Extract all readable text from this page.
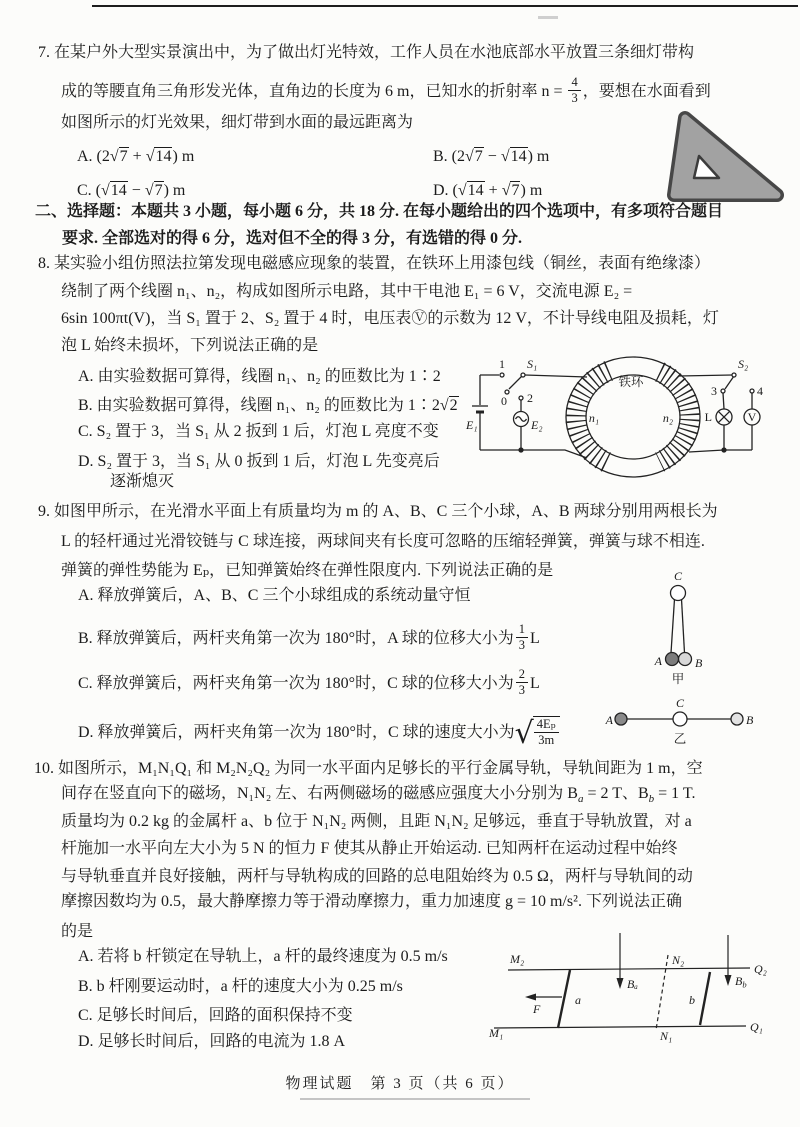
7. 在某户外大型实景演出中，为了做出灯光特效，工作人员在水池底部水平放置三条细灯带构
成的等腰直角三角形发光体，直角边的长度为 6 m，已知水的折射率 $n = \frac{4}{3}$ ，要想在水面看到
如图所示的灯光效果，细灯带到水面的最远距离为
A. (2√7 + √14) m	B. (2√7 − √14) m
C. (√14 − √7) m	D. (√14 + √7) m
二、选择题：本题共 3 小题，每小题 6 分，共 18 分. 在每小题给出的四个选项中，有多项符合题目
要求. 全部选对的得 6 分，选对但不全的得 3 分，有选错的得 0 分.
8. 某实验小组仿照法拉第发现电磁感应现象的装置，在铁环上用漆包线（铜丝，表面有绝缘漆）
绕制了两个线圈 n₁、n₂，构成如图所示电路，其中干电池 E₁ = 6 V，交流电源 E₂ =
6sin 100πt(V)，当 S₁ 置于 2、S₂ 置于 4 时，电压表Ⓥ的示数为 12 V，不计导线电阻及损耗，灯
泡 L 始终未损坏，下列说法正确的是
A. 由实验数据可算得，线圈 n₁、n₂ 的匝数比为 1∶2
B. 由实验数据可算得，线圈 n₁、n₂ 的匝数比为 1∶2√2
C. S₂ 置于 3，当 S₁ 从 2 扳到 1 后，灯泡 L 亮度不变
D. S₂ 置于 3，当 S₁ 从 0 扳到 1 后，灯泡 L 先变亮后
逐渐熄灭
铁环
n₁	n₂
E₁	E₂
S₁
1
0 2
S₂
3	4
L	V
9. 如图甲所示，在光滑水平面上有质量均为 m 的 A、B、C 三个小球，A、B 两球分别用两根长为
L 的轻杆通过光滑铰链与 C 球连接，两球间夹有长度可忽略的压缩轻弹簧，弹簧与球不相连.
弹簧的弹性势能为 Eₚ，已知弹簧始终在弹性限度内. 下列说法正确的是
A. 释放弹簧后，A、B、C 三个小球组成的系统动量守恒
B. 释放弹簧后，两杆夹角第一次为 180°时，A 球的位移大小为 $\frac{1}{3}$ L
C. 释放弹簧后，两杆夹角第一次为 180°时，C 球的位移大小为 $\frac{2}{3}$ L
D. 释放弹簧后，两杆夹角第一次为 180°时，C 球的速度大小为 √ $\frac{\text{4Eₚ}}{3m}$
C
A	B
甲
A
C
B
乙
10. 如图所示，M₁N₁Q₁ 和 M₂N₂Q₂ 为同一水平面内足够长的平行金属导轨，导轨间距为 1 m，空
间存在竖直向下的磁场，N₁N₂ 左、右两侧磁场的磁感应强度大小分别为 $B_a = 2$ T、$B_b = 1$ T.
质量均为 0.2 kg 的金属杆 a、b 位于 N₁N₂ 两侧，且距 N₁N₂ 足够远，垂直于导轨放置，对 a
杆施加一水平向左大小为 5 N 的恒力 F 使其从静止开始运动. 已知两杆在运动过程中始终
与导轨垂直并良好接触，两杆与导轨构成的回路的总电阻始终为 0.5 Ω，两杆与导轨间的动
摩擦因数均为 0.5，最大静摩擦力等于滑动摩擦力，重力加速度 g = 10 m/s². 下列说法正确
的是
A. 若将 b 杆锁定在导轨上，a 杆的最终速度为 0.5 m/s
B. b 杆刚要运动时，a 杆的速度大小为 0.25 m/s
C. 足够长时间后，回路的面积保持不变
D. 足够长时间后，回路的电流为 1.8 A
M₂	N₂
Q₂
M₁	N₁
Q₁
a	b
F
Bₐ	$B_b$
物理试题　第 3 页（共 6 页）
